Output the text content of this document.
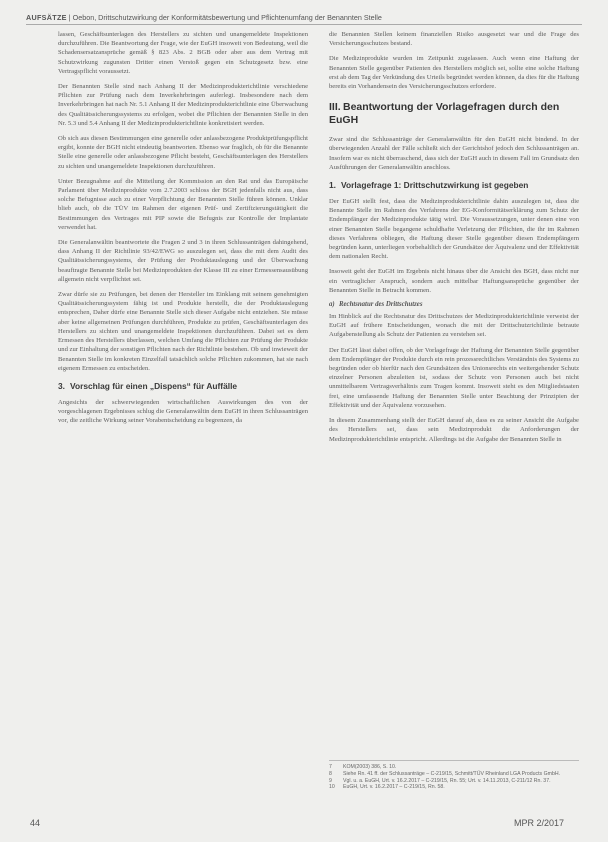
AUFSÄTZE | Oebon, Drittschutzwirkung der Konformitätsbewertung und Pflichtenumfang der Benannten Stelle

lassen, Geschäftsunterlagen des Herstellers zu sichten und unangemeldete Inspektionen durchzuführen. Die Beantwortung der Frage, wie der EuGH insoweit von Bedeutung, weil die Schadensersatzansprüche gemäß § 823 Abs. 2 BGB oder aber aus dem Vertrag mit Schutzwirkung zugunsten Dritter einen Verstoß gegen ein Schutzgesetz bzw. eine Vertragspflicht voraussetzt.

Der Benannten Stelle sind nach Anhang II der Medizinprodukterichtlinie verschiedene Pflichten zur Prüfung nach dem Inverkehrbringen auferlegt. Insbesondere nach dem Inverkehrbringen hat nach Nr. 5.1 Anhang II der Medizinprodukterichtlinie eine Überwachung des Qualitätssicherungssystems zu erfolgen, wobei die Pflichten der Benannten Stelle in den Nr. 5.3 und 5.4 Anhang II der Medizinprodukterichtlinie konkretisiert werden.

Ob sich aus diesen Bestimmungen eine generelle oder anlassbezogene Produktprüfungspflicht ergibt, konnte der BGH nicht eindeutig beantworten. Ebenso war fraglich, ob für die Benannte Stelle eine generelle oder anlassbezogene Pflicht besteht, Geschäftsunterlagen des Herstellers zu sichten und unangemeldete Inspektionen durchzuführen.

Unter Bezugnahme auf die Mitteilung der Kommission an den Rat und das Europäische Parlament über Medizinprodukte vom 2.7.2003 schloss der BGH jedenfalls nicht aus, dass solche Befugnisse auch zu einer Verpflichtung der Benannten Stelle führen können. Unklar blieb auch, ob die TÜV im Rahmen der eigenen Prüf- und Zertifizierungstätigkeit die Bestimmungen des Vertrages mit PIP sowie die Befugnis zur Kontrolle der Implantate verwendet hat.

Die Generalanwältin beantwortete die Fragen 2 und 3 in ihren Schlussanträgen dahingehend, dass Anhang II der Richtlinie 93/42/EWG so auszulegen sei, dass die mit dem Audit des Qualitätssicherungssystems, der Prüfung der Produktauslegung und der Überwachung beauftragte Benannte Stelle bei Medizinprodukten der Klasse III zu einer Ermessensausübung allgemein nicht verpflichtet sei.

Zwar dürfe sie zu Prüfungen, bei denen der Hersteller im Einklang mit seinem genehmigten Qualitätssicherungssystem fähig ist und Produkte herstellt, die der Produktauslegung entsprechen, Daher dürfe eine Benannte Stelle sich dieser Aufgabe nicht entziehen. Sie müsse aber keine allgemeinen Prüfungen durchführen, Produkte zu prüfen, Geschäftsunterlagen des Herstellers zu sichten und unangemeldete Inspektionen durchzuführen. Dabei sei es dem Ermessen des Herstellers überlassen, welchen Umfang die Pflichten zur Prüfung der Produkte und zur Einhaltung der sonstigen Pflichten nach der Richtlinie bestehen. Ob und inwieweit der Benannten Stelle im konkreten Einzelfall tatsächlich solche Pflichten zukommen, hat sie nach eigenem Ermessen zu entscheiden.

3. Vorschlag für einen „Dispens“ für Auffälle

Angesichts der schwerwiegenden wirtschaftlichen Auswirkungen des von der vorgeschlagenen Ergebnisses schlug die Generalanwältin dem EuGH in ihren Schlussanträgen vor, die zeitliche Wirkung seiner Vorabentscheidung zu begrenzen, da

die Benannten Stellen keinem finanziellen Risiko ausgesetzt war und die Frage des Versicherungsschutzes bestand.

Die Medizinprodukte wurden im Zeitpunkt zugelassen. Auch wenn eine Haftung der Benannten Stelle gegenüber Patienten des Herstellers möglich sei, sollte eine solche Haftung erst ab dem Tag der Verkündung des Urteils begründet werden können, da dies für die Haftung bereits ein Vorhandensein des Versicherungsschutzes erfordere.

III. Beantwortung der Vorlagefragen durch den EuGH

Zwar sind die Schlussanträge der Generalanwältin für den EuGH nicht bindend. In der überwiegenden Anzahl der Fälle schließt sich der Gerichtshof jedoch den Schlussanträgen an. Insofern war es nicht überraschend, dass sich der EuGH auch in diesem Fall im Grundsatz den Ausführungen der Generalanwältin anschloss.

1. Vorlagefrage 1: Drittschutzwirkung ist gegeben

Der EuGH stellt fest, dass die Medizinprodukterichtlinie dahin auszulegen ist, dass die Benannte Stelle im Rahmen des Verfahrens der EG-Konformitätserklärung zum Schutz der Endempfänger der Medizinprodukte tätig wird. Die Voraussetzungen, unter denen eine von einer Benannten Stelle begangene schuldhafte Verletzung der Pflichten, die ihr im Rahmen dieses Verfahrens obliegen, die Haftung dieser Stelle gegenüber diesen Endempfängern begründen kann, unterliegen vorbehaltlich der Grundsätze der Äquivalenz und der Effektivität dem nationalen Recht.

Insoweit geht der EuGH im Ergebnis nicht hinaus über die Ansicht des BGH, dass nicht nur ein vertraglicher Anspruch, sondern auch mittelbar Haftungsansprüche gegenüber der Benannten Stelle in Betracht kommen.

a) Rechtsnatur des Drittschutzes

Im Hinblick auf die Rechtsnatur des Drittschutzes der Medizinprodukterichtlinie verweist der EuGH auf frühere Entscheidungen, wonach die mit der Drittschutzrichtlinie betraute Aufgabenstellung als Schutz der Patienten zu verstehen sei.

Der EuGH lässt dabei offen, ob der Vorlagefrage der Haftung der Benannten Stelle gegenüber dem Endempfänger der Produkte durch ein rein prozessrechtliches Verständnis des Systems zu begründen oder ob hierfür nach den Grundsätzen des Unionsrechts ein weitergehender Schutz einzelner Personen abzuleiten ist, sodass der Schutz von Personen auch bei nicht unmittelbarem Vertragsverhältnis zum Tragen kommt. Insoweit steht es den Mitgliedstaaten frei, eine umfassende Haftung der Benannten Stelle unter Beachtung der Prinzipien der Effektivität und der Äquivalenz vorzusehen.

In diesem Zusammenhang stellt der EuGH darauf ab, dass es zu seiner Ansicht die Aufgabe des Herstellers sei, dass sein Medizinprodukt die Anforderungen der Medizinprodukterichtlinie entspricht. Allerdings ist die Aufgabe der Benannten Stelle in

7	KOM(2003) 386, S. 10.
8	Siehe Rn. 41 ff. der Schlussanträge – C-219/15, Schmitt/TÜV Rheinland LGA Products GmbH.
9	Vgl. u. a. EuGH, Urt. v. 16.2.2017 – C-219/15, Rn. 55; Urt. v. 14.11.2013, C-211/12 Rn. 37.
10	EuGH, Urt. v. 16.2.2017 – C-219/15, Rn. 58.
44	MPR 2/2017
